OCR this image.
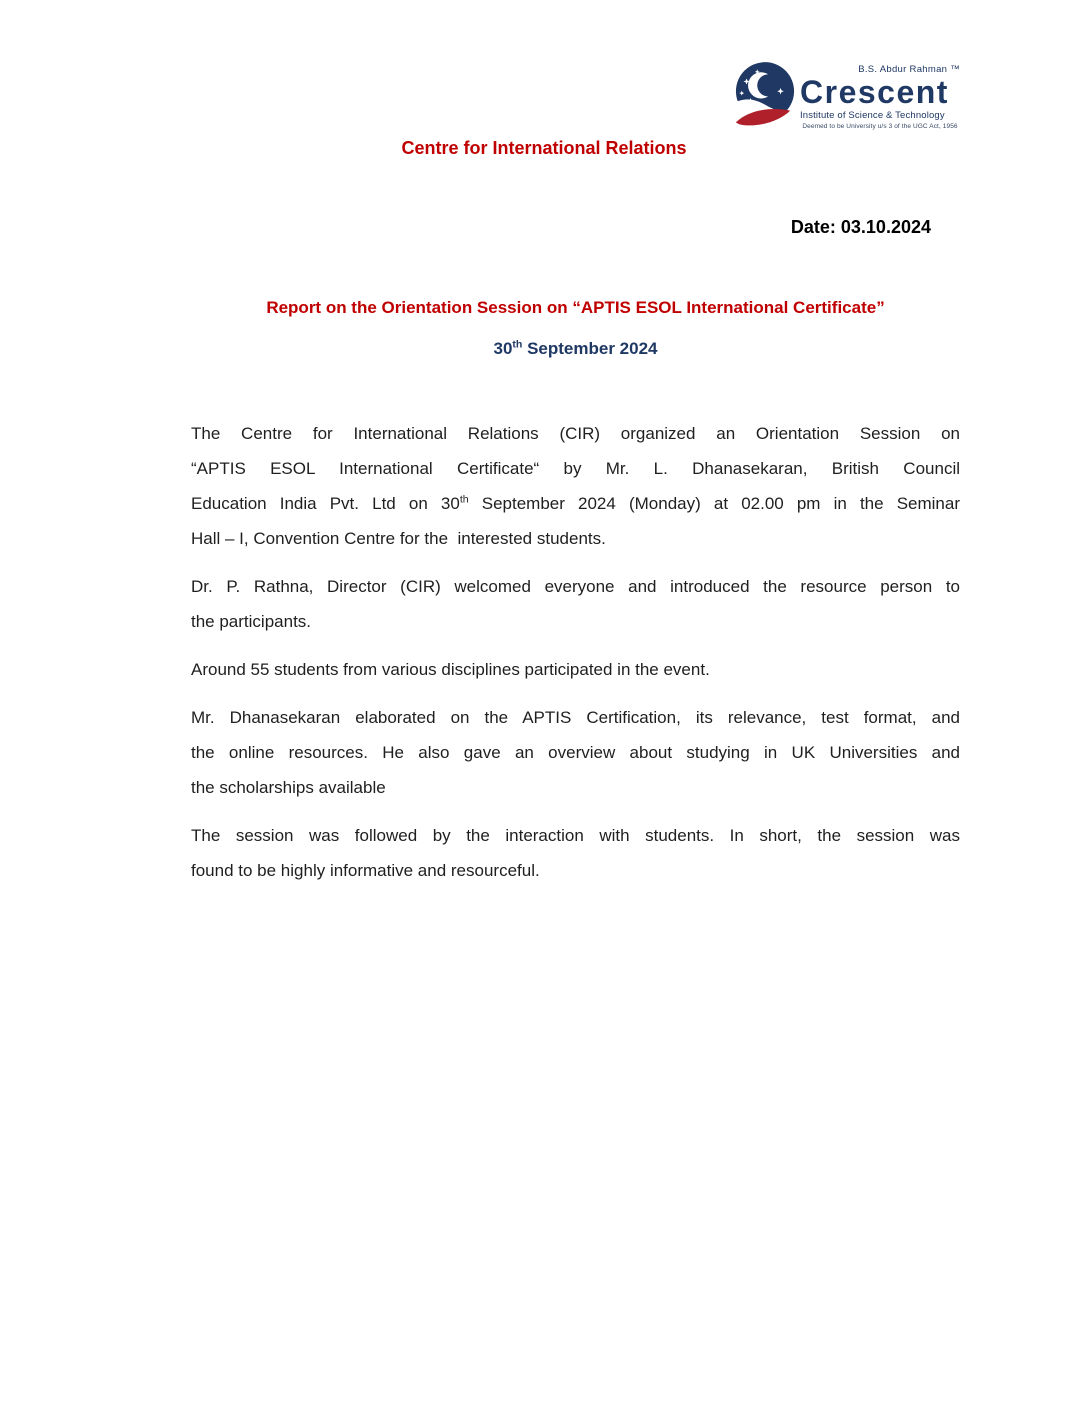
B.S. Abdur Rahman ™
Crescent
Institute of Science & Technology
Deemed to be University u/s 3 of the UGC Act, 1956
Centre for International Relations
Date: 03.10.2024
Report on the Orientation Session on “APTIS ESOL International Certificate”
30th September 2024

The Centre for International Relations (CIR) organized an Orientation Session on
“APTIS ESOL International Certificate“ by Mr. L. Dhanasekaran, British Council
Education India Pvt. Ltd on 30th September 2024 (Monday) at 02.00 pm in the Seminar
Hall – I, Convention Centre for the  interested students.

Dr. P. Rathna, Director (CIR) welcomed everyone and introduced the resource person to
the participants.

Around 55 students from various disciplines participated in the event.

Mr. Dhanasekaran elaborated on the APTIS Certification, its relevance, test format, and
the online resources. He also gave an overview about studying in UK Universities and
the scholarships available

The session was followed by the interaction with students. In short, the session was
found to be highly informative and resourceful.
